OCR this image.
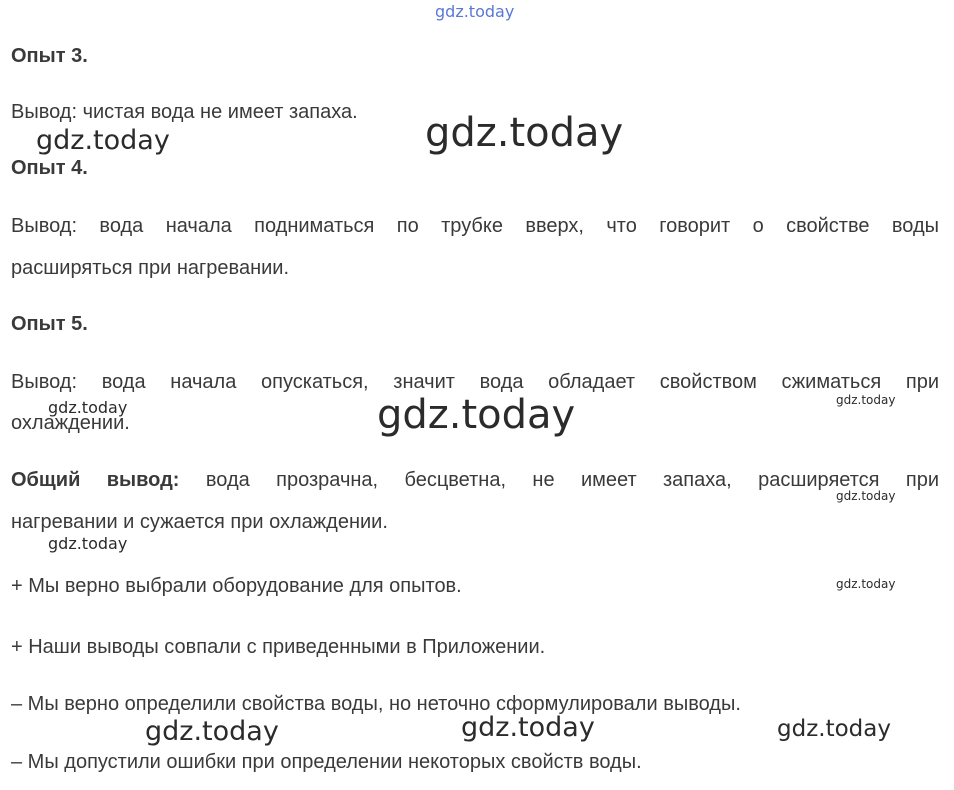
Опыт 3.
Вывод: чистая вода не имеет запаха.
Опыт 4.
Вывод: вода начала подниматься по трубке вверх, что говорит о свойстве воды
расширяться при нагревании.
Опыт 5.
Вывод: вода начала опускаться, значит вода обладает свойством сжиматься при
охлаждении.
Общий вывод: вода прозрачна, бесцветна, не имеет запаха, расширяется при
нагревании и сужается при охлаждении.
+ Мы верно выбрали оборудование для опытов.
+ Наши выводы совпали с приведенными в Приложении.
– Мы верно определили свойства воды, но неточно сформулировали выводы.
– Мы допустили ошибки при определении некоторых свойств воды.
gdz.today
gdz.today	gdz.today
gdz.today	gdz.today	gdz.today
gdz.today
gdz.today
gdz.today
gdz.today	gdz.today	gdz.today
